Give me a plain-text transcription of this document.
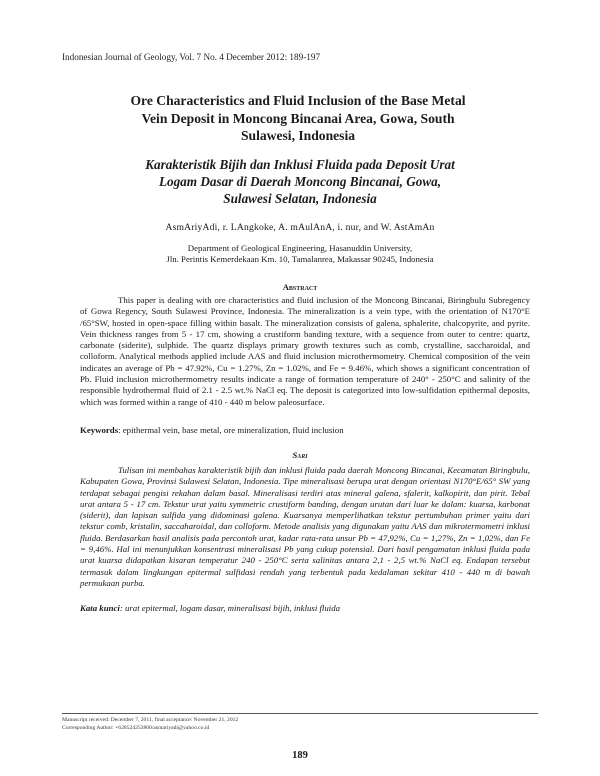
Indonesian Journal of Geology, Vol. 7 No. 4 December 2012: 189-197
Ore Characteristics and Fluid Inclusion of the Base Metal Vein Deposit in Moncong Bincanai Area, Gowa, South Sulawesi, Indonesia
Karakteristik Bijih dan Inklusi Fluida pada Deposit Urat Logam Dasar di Daerah Moncong Bincanai, Gowa, Sulawesi Selatan, Indonesia
AsmAriyAdi, r. LAngkoke, A. mAulAnA, i. nur, and W. AstAmAn
Department of Geological Engineering, Hasanuddin University,
Jln. Perintis Kemerdekaan Km. 10, Tamalanrea, Makassar 90245, Indonesia
Abstract

This paper is dealing with ore characteristics and fluid inclusion of the Moncong Bincanai, Biringbulu Subregency of Gowa Regency, South Sulawesi Province, Indonesia. The mineralization is a vein type, with the orientation of N170°E /65°SW, hosted in open-space filling within basalt. The mineralization consists of galena, sphalerite, chalcopyrite, and pyrite. Vein thickness ranges from 5 - 17 cm, showing a crustiform banding texture, with a sequence from outer to centre: quartz, carbonate (siderite), sulphide. The quartz displays primary growth textures such as comb, crystalline, saccharoidal, and colloform. Analytical methods applied include AAS and fluid inclusion microthermometry. Chemical composition of the vein indicates an average of Pb = 47.92%, Cu = 1.27%, Zn = 1.02%, and Fe = 9.46%, which shows a significant concentration of Pb. Fluid inclusion microthermometry results indicate a range of formation temperature of 240° - 250°C and salinity of the responsible hydrothermal fluid of 2.1 - 2.5 wt.% NaCl eq. The deposit is categorized into low-sulfidation epithermal deposits, which was formed within a range of 410 - 440 m below paleosurface.

Keywords: epithermal vein, base metal, ore mineralization, fluid inclusion

Sari

Tulisan ini membahas karakteristik bijih dan inklusi fluida pada daerah Moncong Bincanai, Kecamatan Biringbulu, Kabupaten Gowa, Provinsi Sulawesi Selatan, Indonesia. Tipe mineralisasi berupa urat dengan orientasi N170°E/65° SW yang terdapat sebagai pengisi rekahan dalam basal. Mineralisasi terdiri atas mineral galena, sfalerit, kalkopirit, dan pirit. Tebal urat antara 5 - 17 cm. Tekstur urat yaitu symmetric crustiform banding, dengan urutan dari luar ke dalam: kuarsa, karbonat (siderit), dan lapisan sulfida yang didominasi galena. Kuarsanya memperlihatkan tekstur pertumbuhan primer yaitu dari tekstur comb, kristalin, saccaharoidal, dan colloform. Metode analisis yang digunakan yaitu AAS dan mikrotermometri inklusi fluida. Berdasarkan hasil analisis pada percontoh urat, kadar rata-rata unsur Pb = 47,92%, Cu = 1,27%, Zn = 1,02%, dan Fe = 9,46%. Hal ini menunjukkan konsentrasi mineralisasi Pb yang cukup potensial. Dari hasil pengamatan inklusi fluida pada urat kuarsa didapatkan kisaran temperatur 240 - 250°C serta salinitas antara 2,1 - 2,5 wt.% NaCl eq. Endapan tersebut termasuk dalam lingkungan epitermal sulfidasi rendah yang terbentuk pada kedalaman sekitar 410 - 440 m di bawah permukaan purba.

Kata kunci: urat epitermal, logam dasar, mineralisasi bijih, inklusi fluida

Manuscript received: December 7, 2011, final acceptance: November 21, 2012
Corresponding Author: +628524253860/asmariyadi@yahoo.co.id
189
